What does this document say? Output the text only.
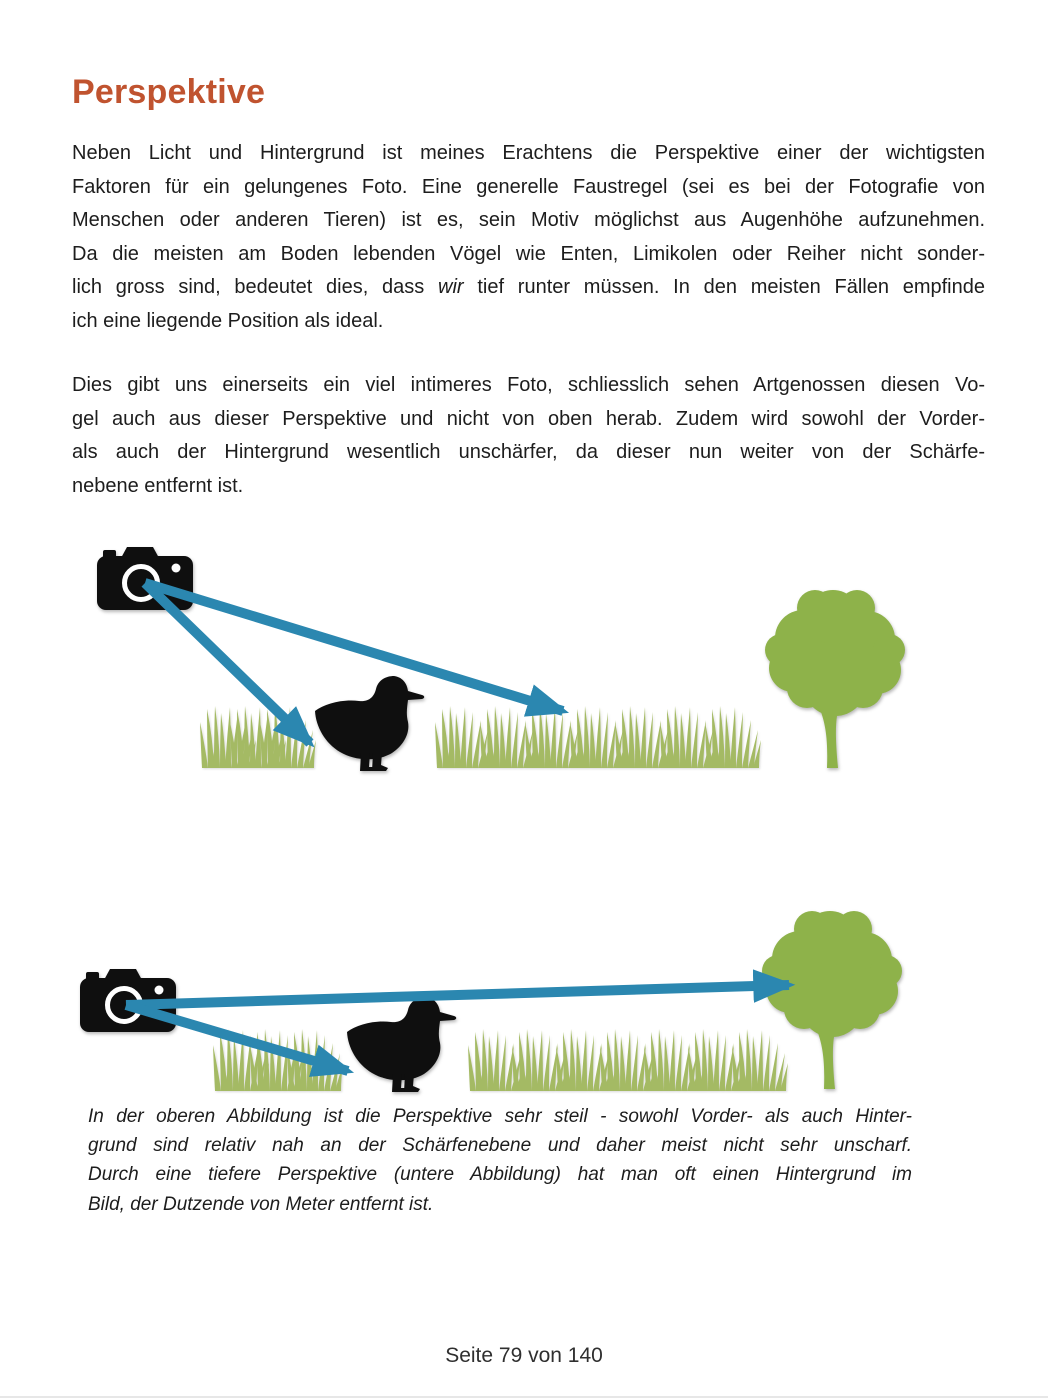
Perspektive
Neben Licht und Hintergrund ist meines Erachtens die Perspektive einer der wichtigsten
Faktoren für ein gelungenes Foto. Eine generelle Faustregel (sei es bei der Fotografie von
Menschen oder anderen Tieren) ist es, sein Motiv möglichst aus Augenhöhe aufzunehmen.
Da die meisten am Boden lebenden Vögel wie Enten, Limikolen oder Reiher nicht sonder-
lich gross sind, bedeutet dies, dass wir tief runter müssen. In den meisten Fällen empfinde
ich eine liegende Position als ideal.
Dies gibt uns einerseits ein viel intimeres Foto, schliesslich sehen Artgenossen diesen Vo-
gel auch aus dieser Perspektive und nicht von oben herab. Zudem wird sowohl der Vorder-
als auch der Hintergrund wesentlich unschärfer, da dieser nun weiter von der Schärfe-
nebene entfernt ist.
In der oberen Abbildung ist die Perspektive sehr steil - sowohl Vorder- als auch Hinter-
grund sind relativ nah an der Schärfenebene und daher meist nicht sehr unscharf.
Durch eine tiefere Perspektive (untere Abbildung) hat man oft einen Hintergrund im
Bild, der Dutzende von Meter entfernt ist.
Seite 79 von 140
